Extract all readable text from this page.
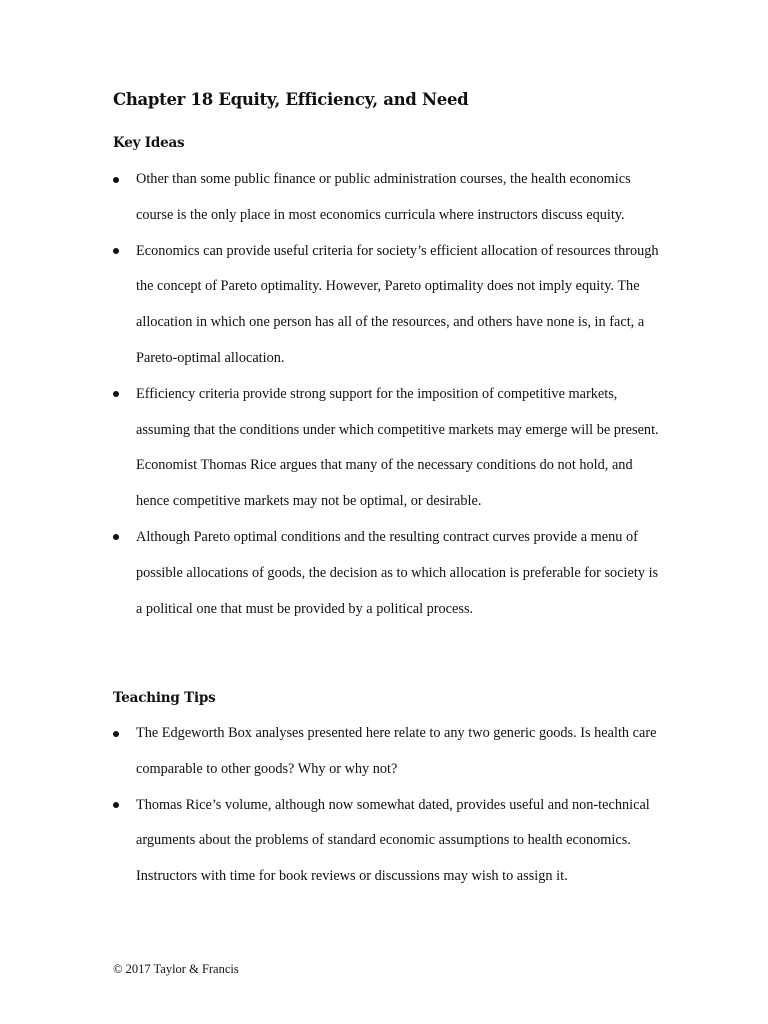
Chapter 18 Equity, Efficiency, and Need
Key Ideas
Other than some public finance or public administration courses, the health economics course is the only place in most economics curricula where instructors discuss equity.
Economics can provide useful criteria for society’s efficient allocation of resources through the concept of Pareto optimality. However, Pareto optimality does not imply equity. The allocation in which one person has all of the resources, and others have none is, in fact, a Pareto-optimal allocation.
Efficiency criteria provide strong support for the imposition of competitive markets, assuming that the conditions under which competitive markets may emerge will be present. Economist Thomas Rice argues that many of the necessary conditions do not hold, and hence competitive markets may not be optimal, or desirable.
Although Pareto optimal conditions and the resulting contract curves provide a menu of possible allocations of goods, the decision as to which allocation is preferable for society is a political one that must be provided by a political process.
Teaching Tips
The Edgeworth Box analyses presented here relate to any two generic goods. Is health care comparable to other goods? Why or why not?
Thomas Rice’s volume, although now somewhat dated, provides useful and non-technical arguments about the problems of standard economic assumptions to health economics. Instructors with time for book reviews or discussions may wish to assign it.

© 2017 Taylor & Francis
